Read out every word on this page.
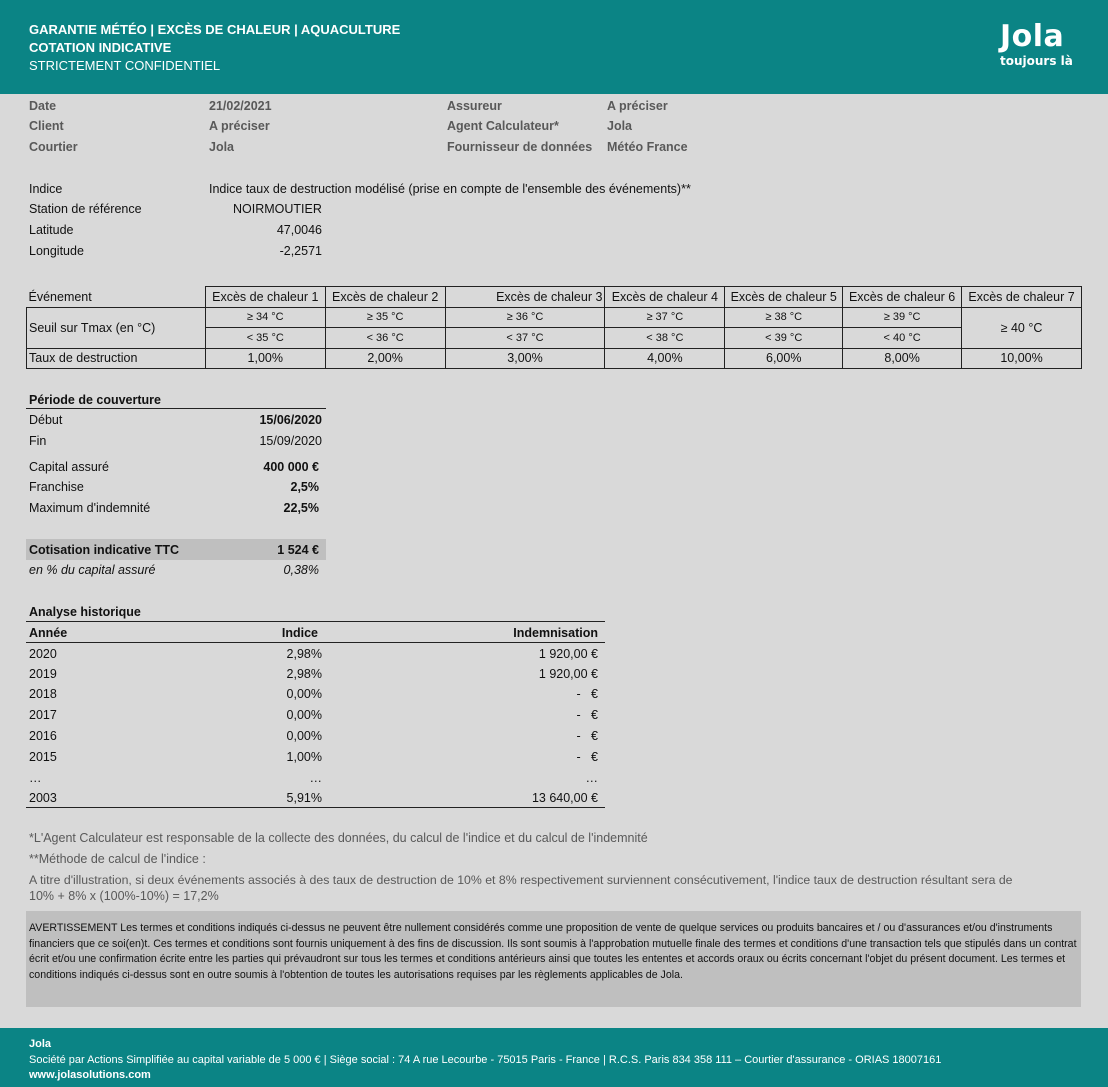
GARANTIE MÉTÉO | EXCÈS DE CHALEUR | AQUACULTURE
COTATION INDICATIVE
STRICTEMENT CONFIDENTIEL
Jola
toujours là
Date	21/02/2021
Client	A préciser
Courtier	Jola
Assureur	A préciser
Agent Calculateur*	Jola
Fournisseur de données Météo France
Indice	Indice taux de destruction modélisé (prise en compte de l'ensemble des événements)**
Station de référence	NOIRMOUTIER
Latitude	47,0046
Longitude	-2,2571
Événement	Excès de chaleur 1	Excès de chaleur 2	Excès de chaleur 3	Excès de chaleur 4	Excès de chaleur 5	Excès de chaleur 6	Excès de chaleur 7
Seuil sur Tmax (en °C)	≥ 34 °C	≥ 35 °C	≥ 36 °C	≥ 37 °C	≥ 38 °C	≥ 39 °C	≥ 40 °C
	< 35 °C	< 36 °C	< 37 °C	< 38 °C	< 39 °C	< 40 °C	
Taux de destruction	1,00%	2,00%	3,00%	4,00%	6,00%	8,00%	10,00%
Période de couverture
Début	15/06/2020
Fin	15/09/2020
Capital assuré	400 000 €
Franchise	2,5%
Maximum d'indemnité	22,5%
Cotisation indicative TTC	1 524 €
en % du capital assuré	0,38%
Analyse historique
Année	Indice	Indemnisation
2020	2,98%	1 920,00 €
2019	2,98%	1 920,00 €
2018	0,00%	-   €
2017	0,00%	-   €
2016	0,00%	-   €
2015	1,00%	-   €
…	…	…
2003	5,91%	13 640,00 €
*L'Agent Calculateur est responsable de la collecte des données, du calcul de l'indice et du calcul de l'indemnité
**Méthode de calcul de l'indice :
A titre d'illustration, si deux événements associés à des taux de destruction de 10% et 8% respectivement surviennent consécutivement, l'indice taux de destruction résultant sera de
10% + 8% x (100%-10%) = 17,2%
AVERTISSEMENT Les termes et conditions indiqués ci-dessus ne peuvent être nullement considérés comme une proposition de vente de quelque services ou produits bancaires et / ou d'assurances et/ou d'instruments financiers que ce soi(en)t. Ces termes et conditions sont fournis uniquement à des fins de discussion. Ils sont soumis à l'approbation mutuelle finale des termes et conditions d'une transaction tels que stipulés dans un contrat écrit et/ou une confirmation écrite entre les parties qui prévaudront sur tous les termes et conditions antérieurs ainsi que toutes les ententes et accords oraux ou écrits concernant l'objet du présent document. Les termes et conditions indiqués ci-dessus sont en outre soumis à l'obtention de toutes les autorisations requises par les règlements applicables de Jola.
Jola
Société par Actions Simplifiée au capital variable de 5 000 € | Siège social : 74 A rue Lecourbe - 75015 Paris - France | R.C.S. Paris 834 358 111 – Courtier d'assurance - ORIAS 18007161
www.jolasolutions.com
